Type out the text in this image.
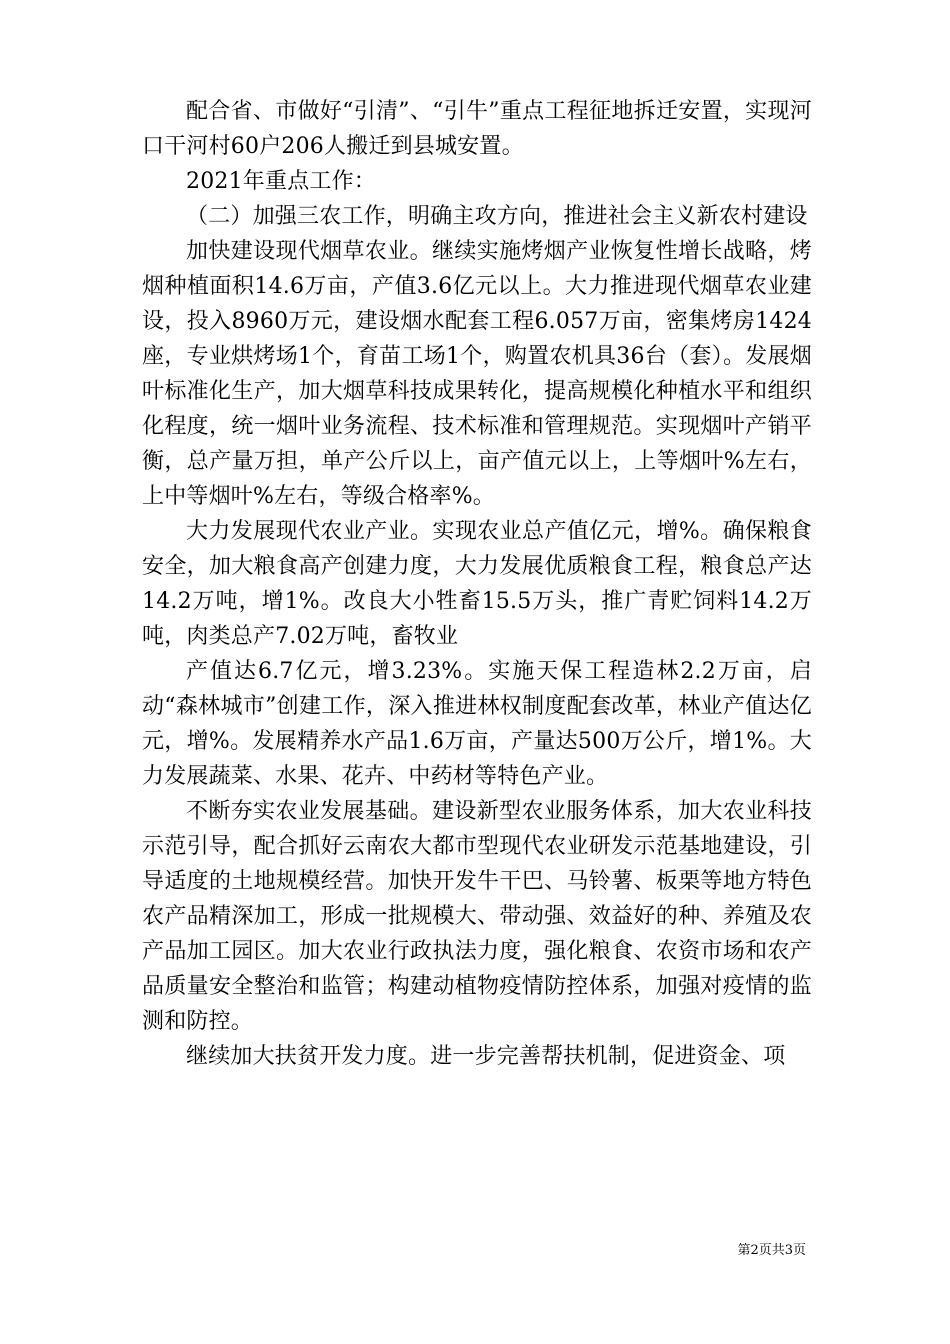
配合省、市做好“引清”、“引牛”重点工程征地拆迁安置，实现河口干河村60户206人搬迁到县城安置。

2021年重点工作：

（二）加强三农工作，明确主攻方向，推进社会主义新农村建设

加快建设现代烟草农业。继续实施烤烟产业恢复性增长战略，烤烟种植面积14.6万亩，产值3.6亿元以上。大力推进现代烟草农业建设，投入8960万元，建设烟水配套工程6.057万亩，密集烤房1424座，专业烘烤场1个，育苗工场1个，购置农机具36台（套）。发展烟叶标准化生产，加大烟草科技成果转化，提高规模化种植水平和组织化程度，统一烟叶业务流程、技术标准和管理规范。实现烟叶产销平衡，总产量万担，单产公斤以上，亩产值元以上，上等烟叶%左右，上中等烟叶%左右，等级合格率%。

大力发展现代农业产业。实现农业总产值亿元，增%。确保粮食安全，加大粮食高产创建力度，大力发展优质粮食工程，粮食总产达14.2万吨，增1%。改良大小牲畜15.5万头，推广青贮饲料14.2万吨，肉类总产7.02万吨，畜牧业

产值达6.7亿元，增3.23%。实施天保工程造林2.2万亩，启动“森林城市”创建工作，深入推进林权制度配套改革，林业产值达亿元，增%。发展精养水产品1.6万亩，产量达500万公斤，增1%。大力发展蔬菜、水果、花卉、中药材等特色产业。

不断夯实农业发展基础。建设新型农业服务体系，加大农业科技示范引导，配合抓好云南农大都市型现代农业研发示范基地建设，引导适度的土地规模经营。加快开发牛干巴、马铃薯、板栗等地方特色农产品精深加工，形成一批规模大、带动强、效益好的种、养殖及农产品加工园区。加大农业行政执法力度，强化粮食、农资市场和农产品质量安全整治和监管；构建动植物疫情防控体系，加强对疫情的监测和防控。

继续加大扶贫开发力度。进一步完善帮扶机制，促进资金、项

第2页共3页
